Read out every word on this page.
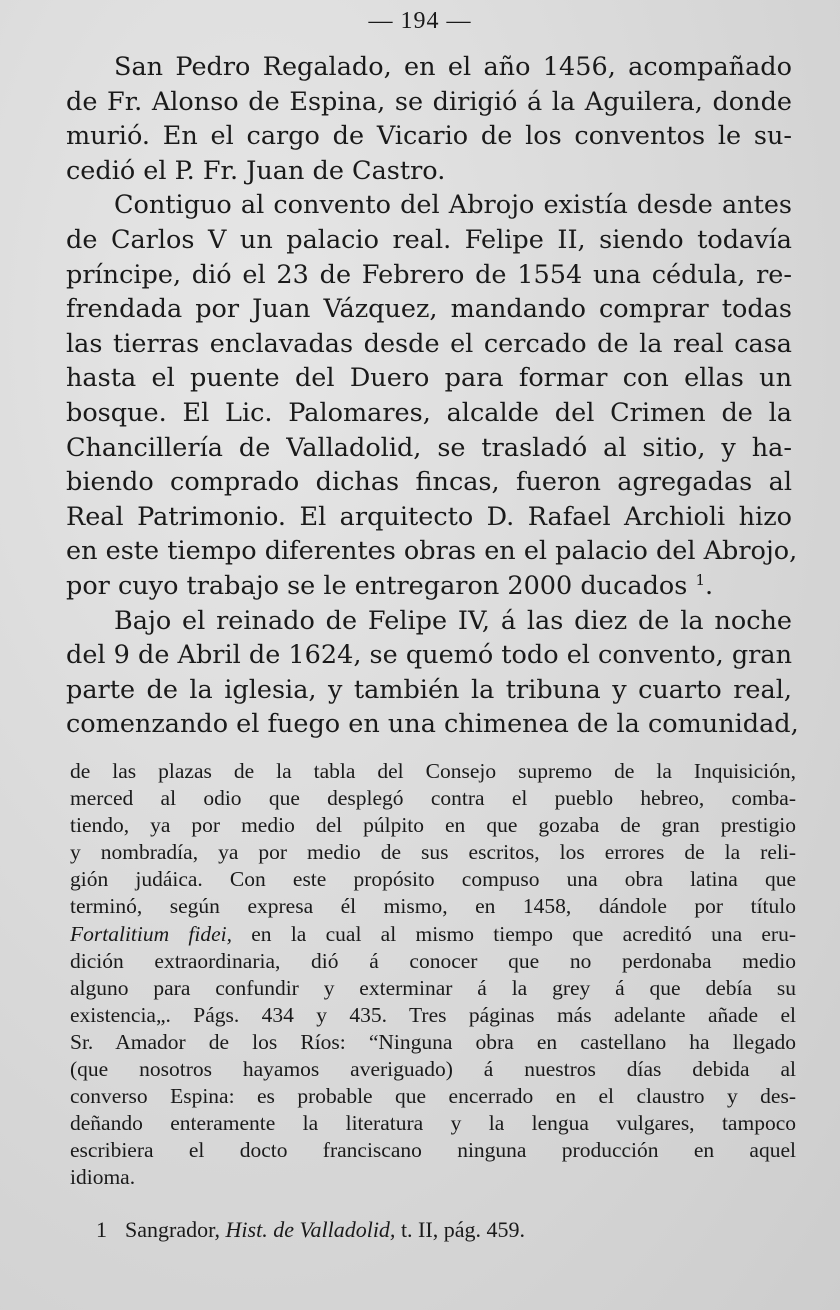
— 194 —
San Pedro Regalado, en el año 1456, acompañado
de Fr. Alonso de Espina, se dirigió á la Aguilera, donde
murió. En el cargo de Vicario de los conventos le su-
cedió el P. Fr. Juan de Castro.
Contiguo al convento del Abrojo existía desde antes
de Carlos V un palacio real. Felipe II, siendo todavía
príncipe, dió el 23 de Febrero de 1554 una cédula, re-
frendada por Juan Vázquez, mandando comprar todas
las tierras enclavadas desde el cercado de la real casa
hasta el puente del Duero para formar con ellas un
bosque. El Lic. Palomares, alcalde del Crimen de la
Chancillería de Valladolid, se trasladó al sitio, y ha-
biendo comprado dichas fincas, fueron agregadas al
Real Patrimonio. El arquitecto D. Rafael Archioli hizo
en este tiempo diferentes obras en el palacio del Abrojo,
por cuyo trabajo se le entregaron 2000 ducados $^1$.
Bajo el reinado de Felipe IV, á las diez de la noche
del 9 de Abril de 1624, se quemó todo el convento, gran
parte de la iglesia, y también la tribuna y cuarto real,
comenzando el fuego en una chimenea de la comunidad,
de las plazas de la tabla del Consejo supremo de la Inquisición,
merced al odio que desplegó contra el pueblo hebreo, comba-
tiendo, ya por medio del púlpito en que gozaba de gran prestigio
y nombradía, ya por medio de sus escritos, los errores de la reli-
gión judáica. Con este propósito compuso una obra latina que
terminó, según expresa él mismo, en 1458, dándole por título
Fortalitium fidei, en la cual al mismo tiempo que acreditó una eru-
dición extraordinaria, dió á conocer que no perdonaba medio
alguno para confundir y exterminar á la grey á que debía su
existencia„. Págs. 434 y 435. Tres páginas más adelante añade el
Sr. Amador de los Ríos: “Ninguna obra en castellano ha llegado
(que nosotros hayamos averiguado) á nuestros días debida al
converso Espina: es probable que encerrado en el claustro y des-
deñando enteramente la literatura y la lengua vulgares, tampoco
escribiera el docto franciscano ninguna producción en aquel
idioma.
1 Sangrador, Hist. de Valladolid, t. II, pág. 459.
